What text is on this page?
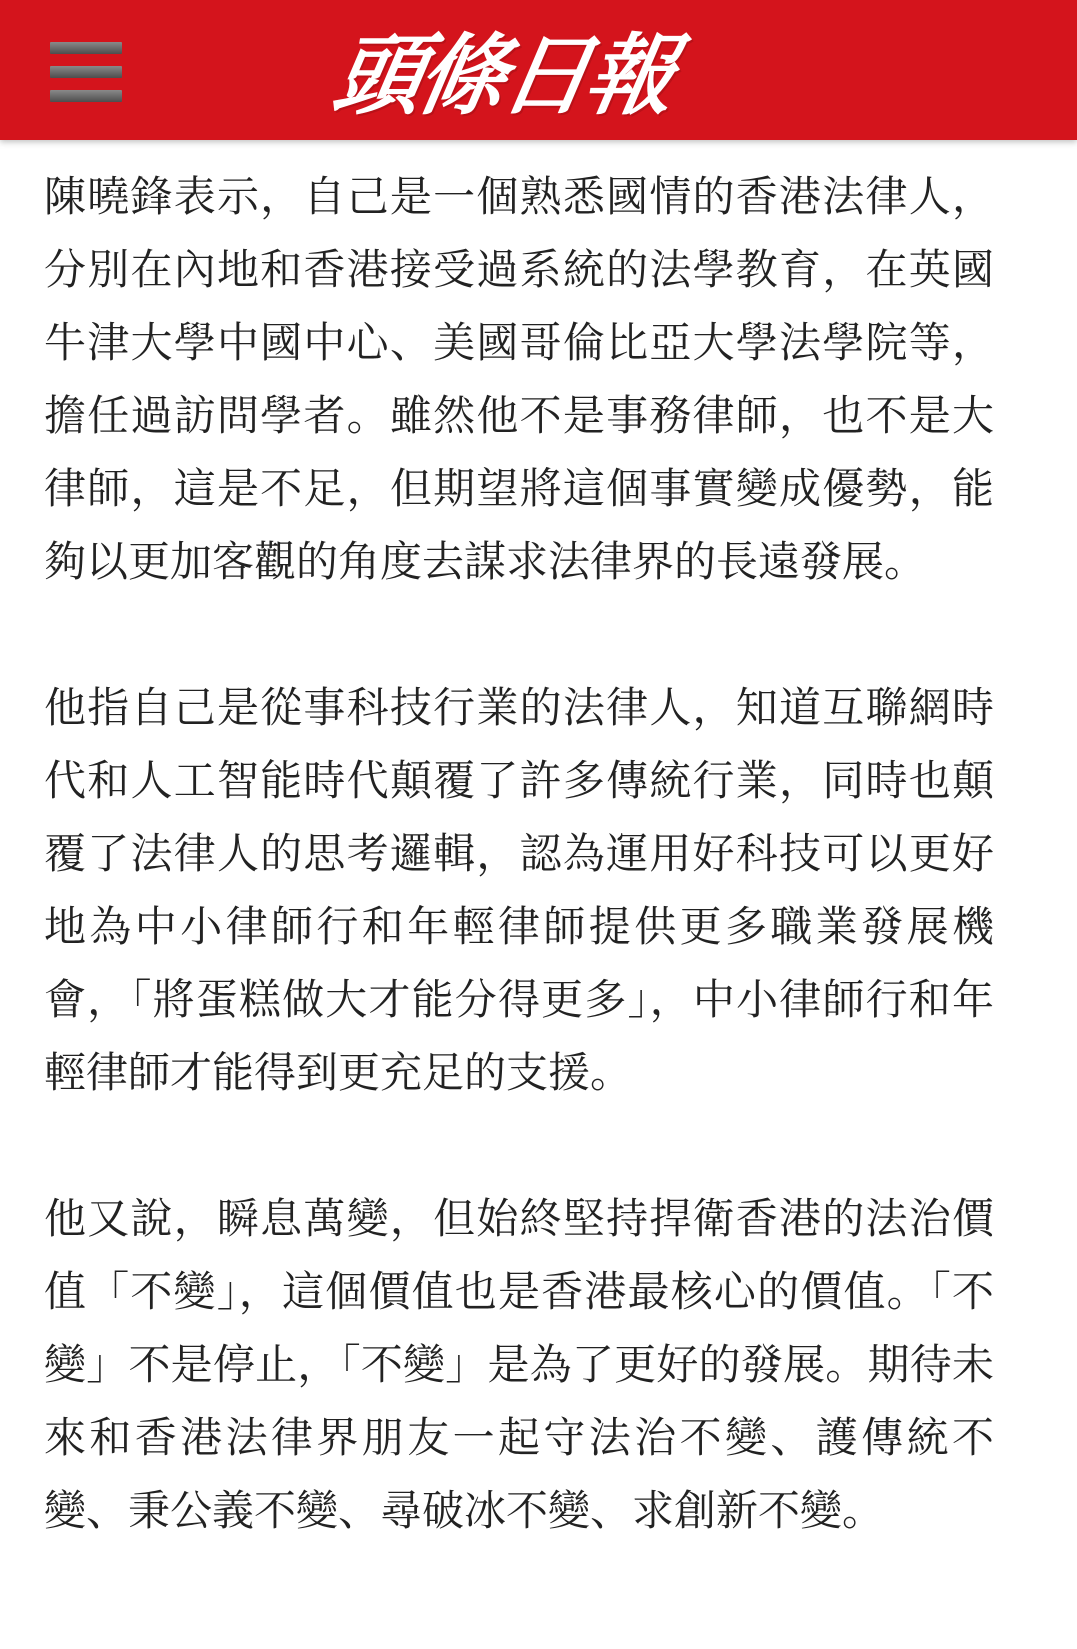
頭條日報

陳曉鋒表示，自己是一個熟悉國情的香港法律人，分別在內地和香港接受過系統的法學教育，在英國牛津大學中國中心、美國哥倫比亞大學法學院等，擔任過訪問學者。雖然他不是事務律師，也不是大律師，這是不足，但期望將這個事實變成優勢，能夠以更加客觀的角度去謀求法律界的長遠發展。

他指自己是從事科技行業的法律人，知道互聯網時代和人工智能時代顛覆了許多傳統行業，同時也顛覆了法律人的思考邏輯，認為運用好科技可以更好地為中小律師行和年輕律師提供更多職業發展機會，「將蛋糕做大才能分得更多」，中小律師行和年輕律師才能得到更充足的支援。

他又說，瞬息萬變，但始終堅持捍衛香港的法治價值「不變」，這個價值也是香港最核心的價值。「不變」不是停止，「不變」是為了更好的發展。期待未來和香港法律界朋友一起守法治不變、護傳統不變、秉公義不變、尋破冰不變、求創新不變。
